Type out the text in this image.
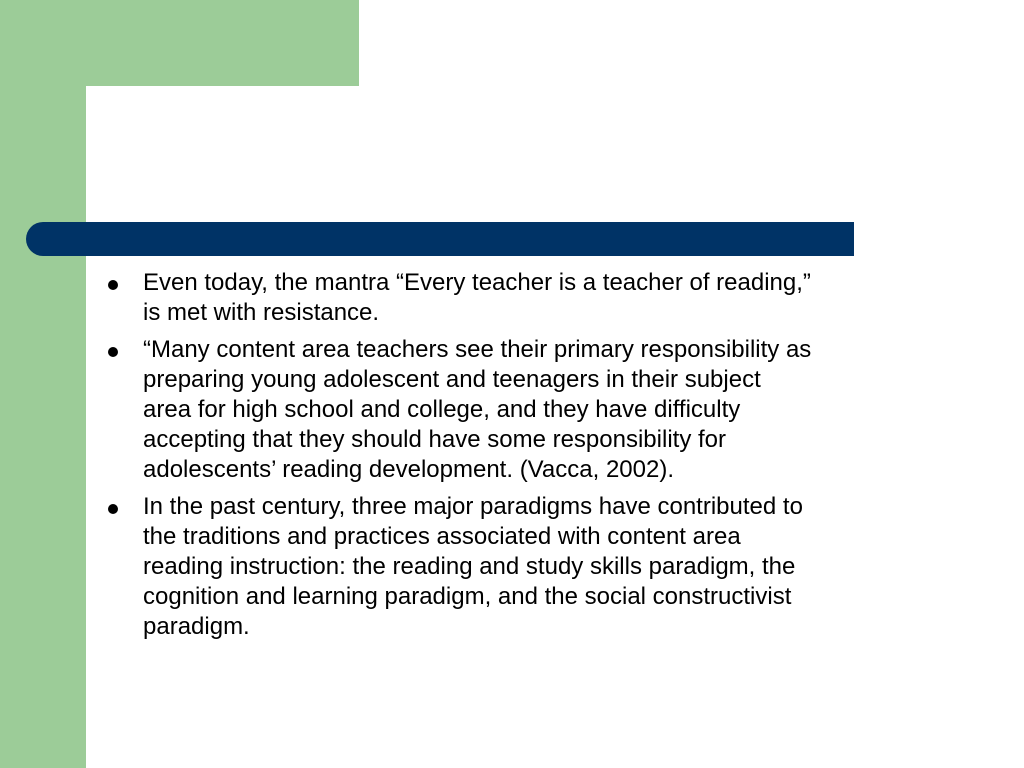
Even today, the mantra “Every teacher is a teacher of reading,”
is met with resistance.
“Many content area teachers see their primary responsibility as
preparing young adolescent and teenagers in their subject
area for high school and college, and they have difficulty
accepting that they should have some responsibility for
adolescents’ reading development. (Vacca, 2002).
In the past century, three major paradigms have contributed to
the traditions and practices associated with content area
reading instruction: the reading and study skills paradigm, the
cognition and learning paradigm, and the social constructivist
paradigm.
